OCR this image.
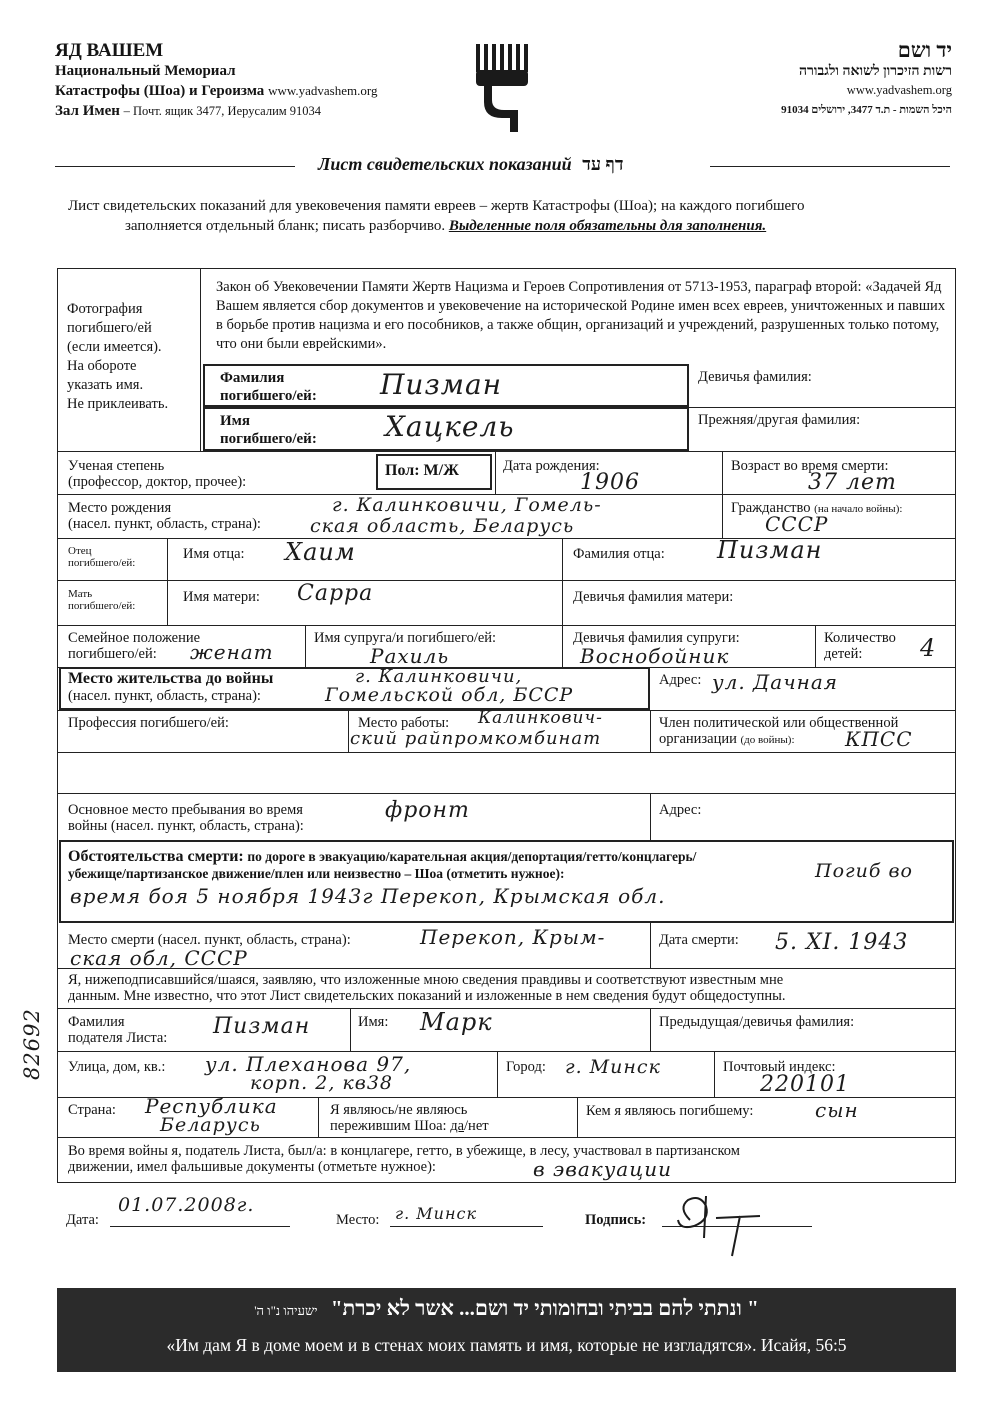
ЯД ВАШЕМ
Национальный Мемориал
Катастрофы (Шоа) и Героизма www.yadvashem.org
Зал Имен – Почт. ящик 3477, Иерусалим 91034
יד ושם
רשות הזיכרון לשואה ולגבורה
www.yadvashem.org
היכל השמות - ת.ד 3477, ירושלים 91034
Лист свидетельских показаний דף עד
Лист свидетельских показаний для увековечения памяти евреев – жертв Катастрофы (Шоа); на каждого погибшего
заполняется отдельный бланк; писать разборчиво. Выделенные поля обязательны для заполнения.
Фотография
погибшего/ей
(если имеется).
На обороте
указать имя.
Не приклеивать.
Закон об Увековечении Памяти Жертв Нацизма и Героев Сопротивления от 5713-1953, параграф второй: «Задачей Яд Вашем является сбор документов и увековечение на исторической Родине имен всех евреев, уничтоженных и павших в борьбе против нацизма и его пособников, а также общин, организаций и учреждений, разрушенных только потому, что они были еврейскими».
Фамилия
погибшего/ей: Пизман
Имя
погибшего/ей: Хацкель
Девичья фамилия:
Прежняя/другая фамилия:
Ученая степень
(профессор, доктор, прочее):
Пол: М/Ж	Дата рождения:
1906
Возраст во время смерти:
37 лет
Место рождения
(насел. пункт, область, страна):
г. Калинковичи, Гомель-
ская область, Беларусь
Гражданство (на начало войны):
СССР
Отец
погибшего/ей:
Имя отца: Хаим	Фамилия отца: Пизман
Мать
погибшего/ей:
Имя матери: Сарра	Девичья фамилия матери:
Семейное положение
погибшего/ей:	женат
Имя супруга/и погибшего/ей:
Рахиль
Девичья фамилия супруги:
Воснобойник
Количество
детей:	4
Место жительства до войны
(насел. пункт, область, страна):
г. Калинковичи,
Гомельской обл, БССР
Адрес: ул. Дачная
Профессия погибшего/ей:	Место работы: Калинкович-
ский райпромкомбинат
Член политической или общественной
организации (до войны):	КПСС
Основное место пребывания во время
войны (насел. пункт, область, страна):
фронт	Адрес:
Обстоятельства смерти: по дороге в эвакуацию/карательная акция/депортация/гетто/концлагерь/
убежище/партизанское движение/плен или неизвестно – Шоа (отметить нужное):	Погиб во
время боя 5 ноября 1943г Перекоп, Крымская обл.
Место смерти (насел. пункт, область, страна):	Перекоп, Крым-
ская обл, СССР
Дата смерти: 5. XI. 1943
Я, нижеподписавшийся/шаяся, заявляю, что изложенные мною сведения правдивы и соответствуют известным мне
данным. Мне известно, что этот Лист свидетельских показаний и изложенные в нем сведения будут общедоступны.
Фамилия
подателя Листа: Пизман	Имя: Марк	Предыдущая/девичья фамилия:
Улица, дом, кв.: ул. Плеханова 97,
корп. 2, кв38
Город: г. Минск	Почтовый индекс:
220101
Страна: Республика
Беларусь
Я являюсь/не являюсь
пережившим Шоа: да/нет
Кем я являюсь погибшему:	сын
Во время войны я, податель Листа, был/а: в концлагере, гетто, в убежище, в лесу, участвовал в партизанском
движении, имел фальшивые документы (отметьте нужное):	в эвакуации
Дата:
01.07.2008г.
Место: г. Минск	Подпись:
82692
" ונתתי להם בביתי ובחומותי יד ושם... אשר לא יכרת" ישעיהו נ"ו ה'
«Им дам Я в доме моем и в стенах моих память и имя, которые не изгладятся». Исайя, 56:5
